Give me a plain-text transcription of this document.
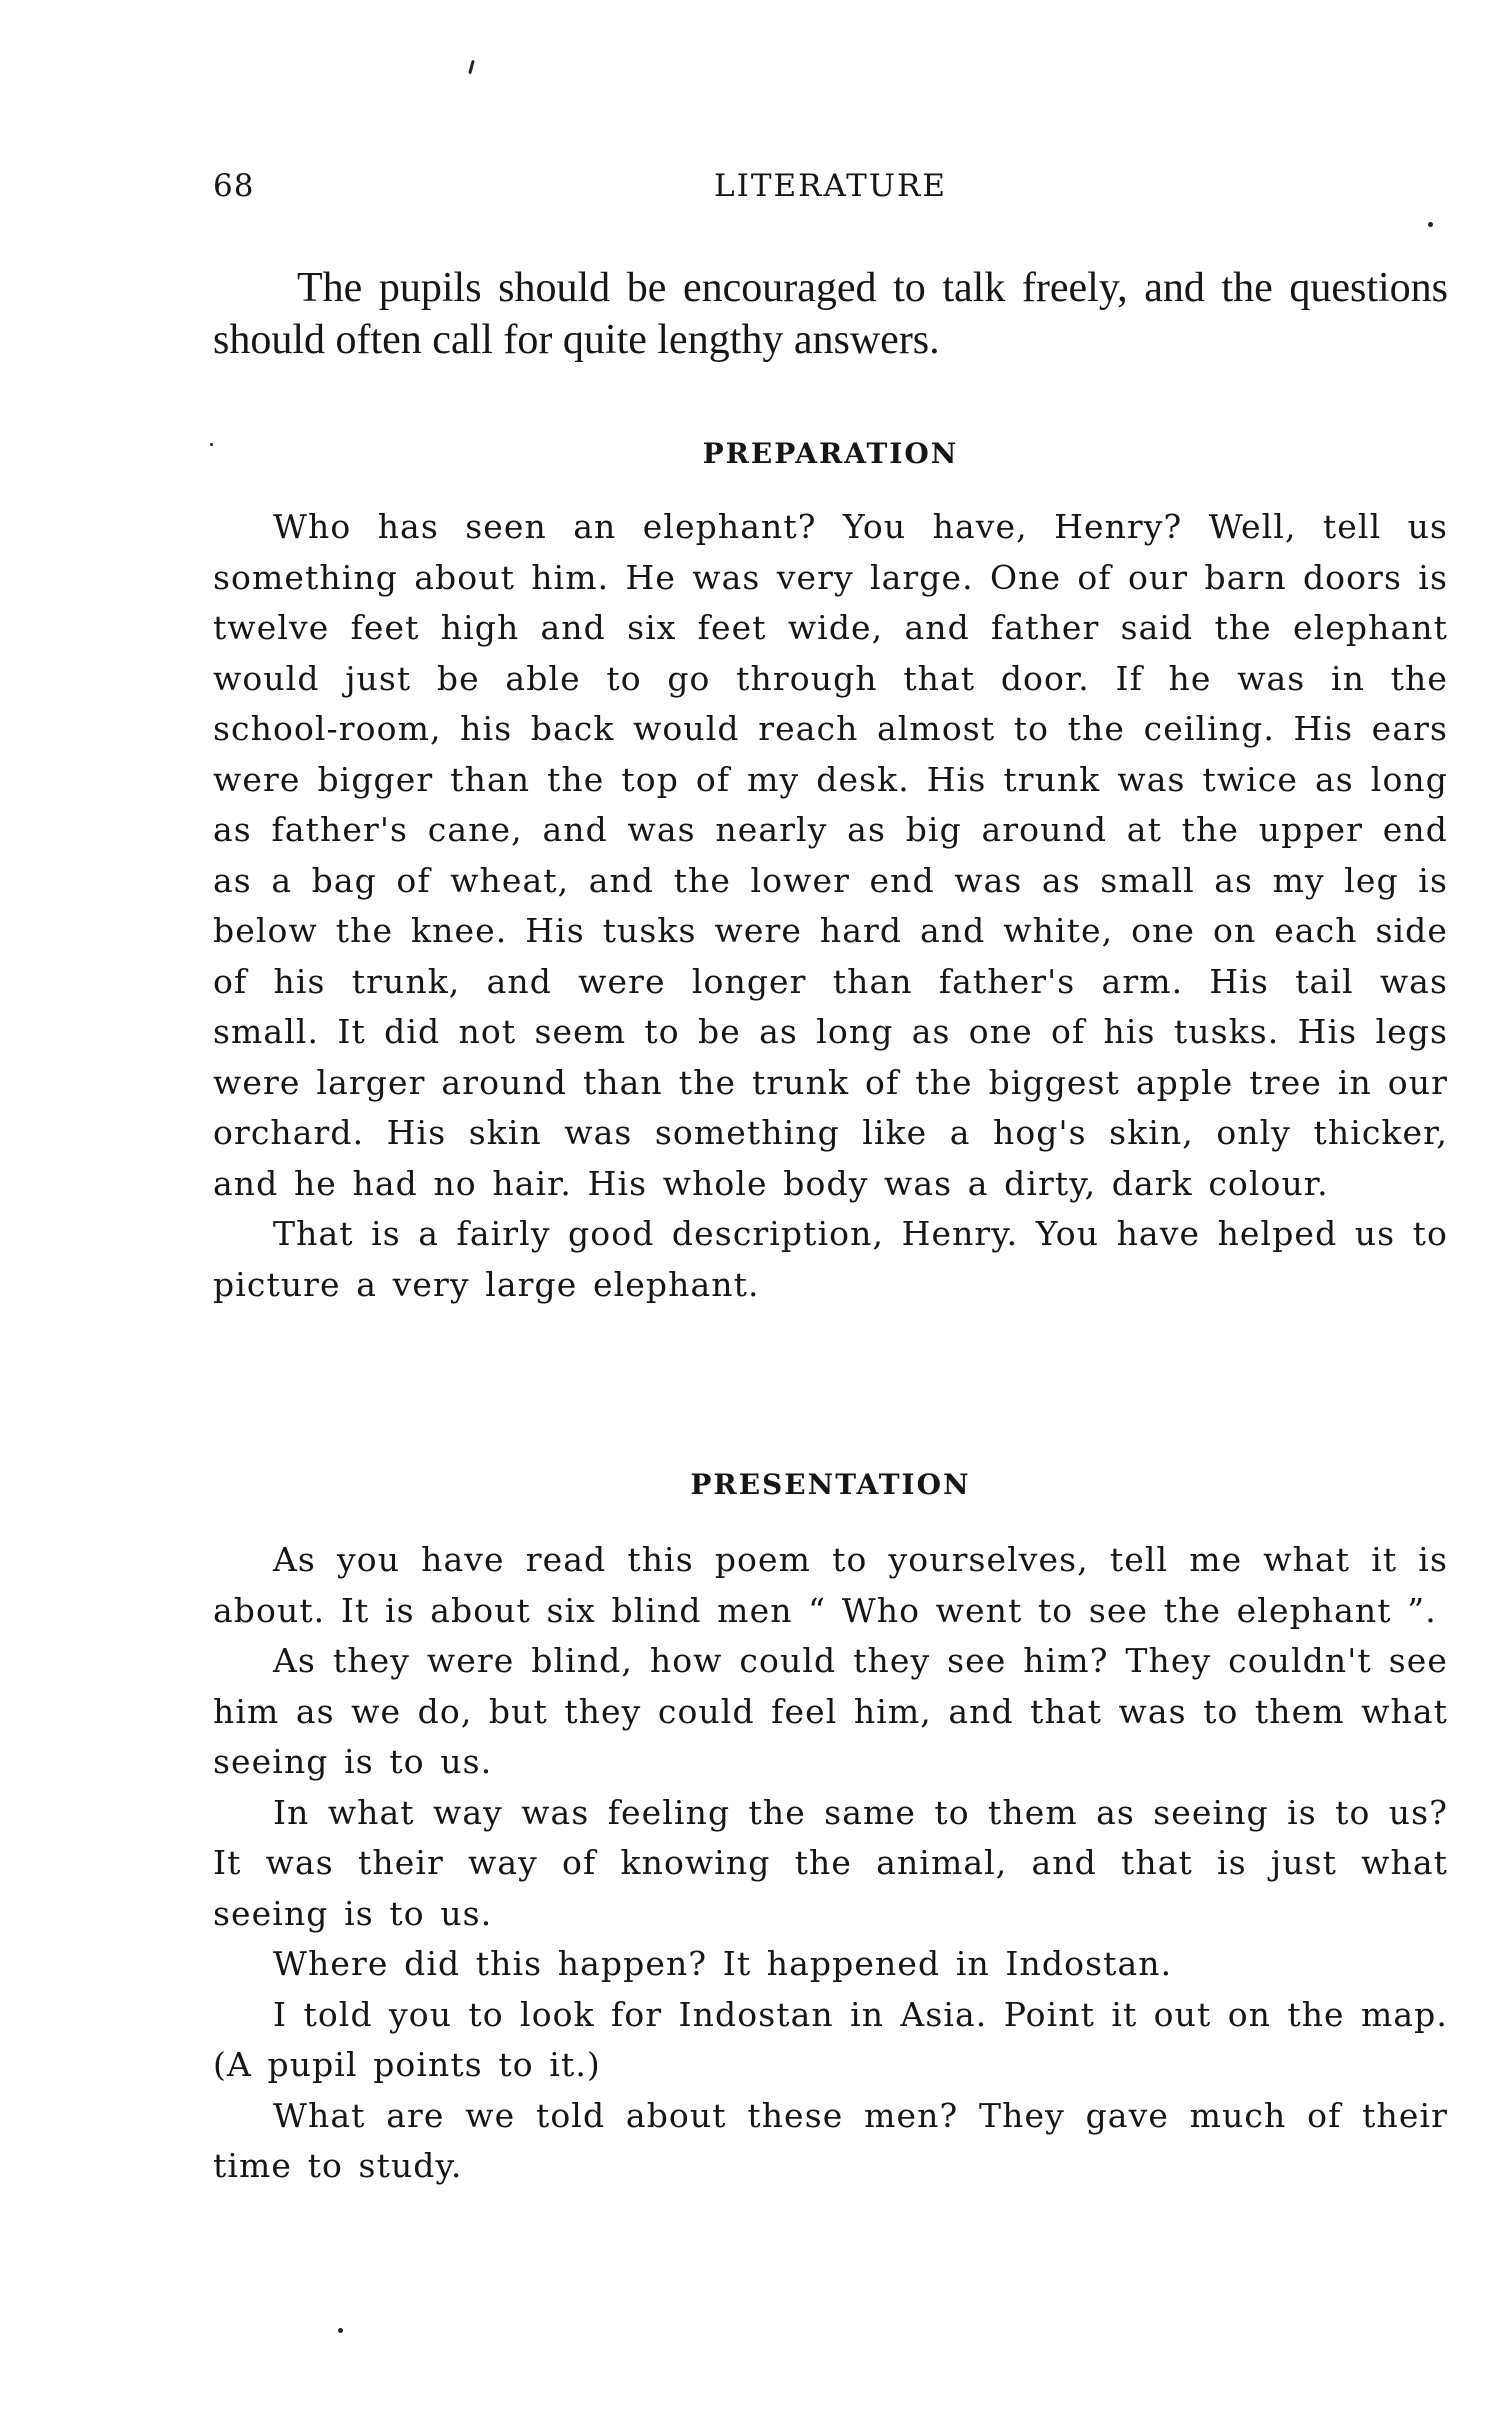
68	LITERATURE

The pupils should be encouraged to talk freely, and the questions should often call for quite lengthy answers.

PREPARATION

Who has seen an elephant? You have, Henry? Well, tell us something about him. He was very large. One of our barn doors is twelve feet high and six feet wide, and father said the elephant would just be able to go through that door. If he was in the school-room, his back would reach almost to the ceiling. His ears were bigger than the top of my desk. His trunk was twice as long as father's cane, and was nearly as big around at the upper end as a bag of wheat, and the lower end was as small as my leg is below the knee. His tusks were hard and white, one on each side of his trunk, and were longer than father's arm. His tail was small. It did not seem to be as long as one of his tusks. His legs were larger around than the trunk of the biggest apple tree in our orchard. His skin was something like a hog's skin, only thicker, and he had no hair. His whole body was a dirty, dark colour.

That is a fairly good description, Henry. You have helped us to picture a very large elephant.

PRESENTATION

As you have read this poem to yourselves, tell me what it is about. It is about six blind men “ Who went to see the elephant ”.

As they were blind, how could they see him? They couldn't see him as we do, but they could feel him, and that was to them what seeing is to us.

In what way was feeling the same to them as seeing is to us? It was their way of knowing the animal, and that is just what seeing is to us.

Where did this happen? It happened in Indostan.

I told you to look for Indostan in Asia. Point it out on the map. (A pupil points to it.)

What are we told about these men? They gave much of their time to study.
